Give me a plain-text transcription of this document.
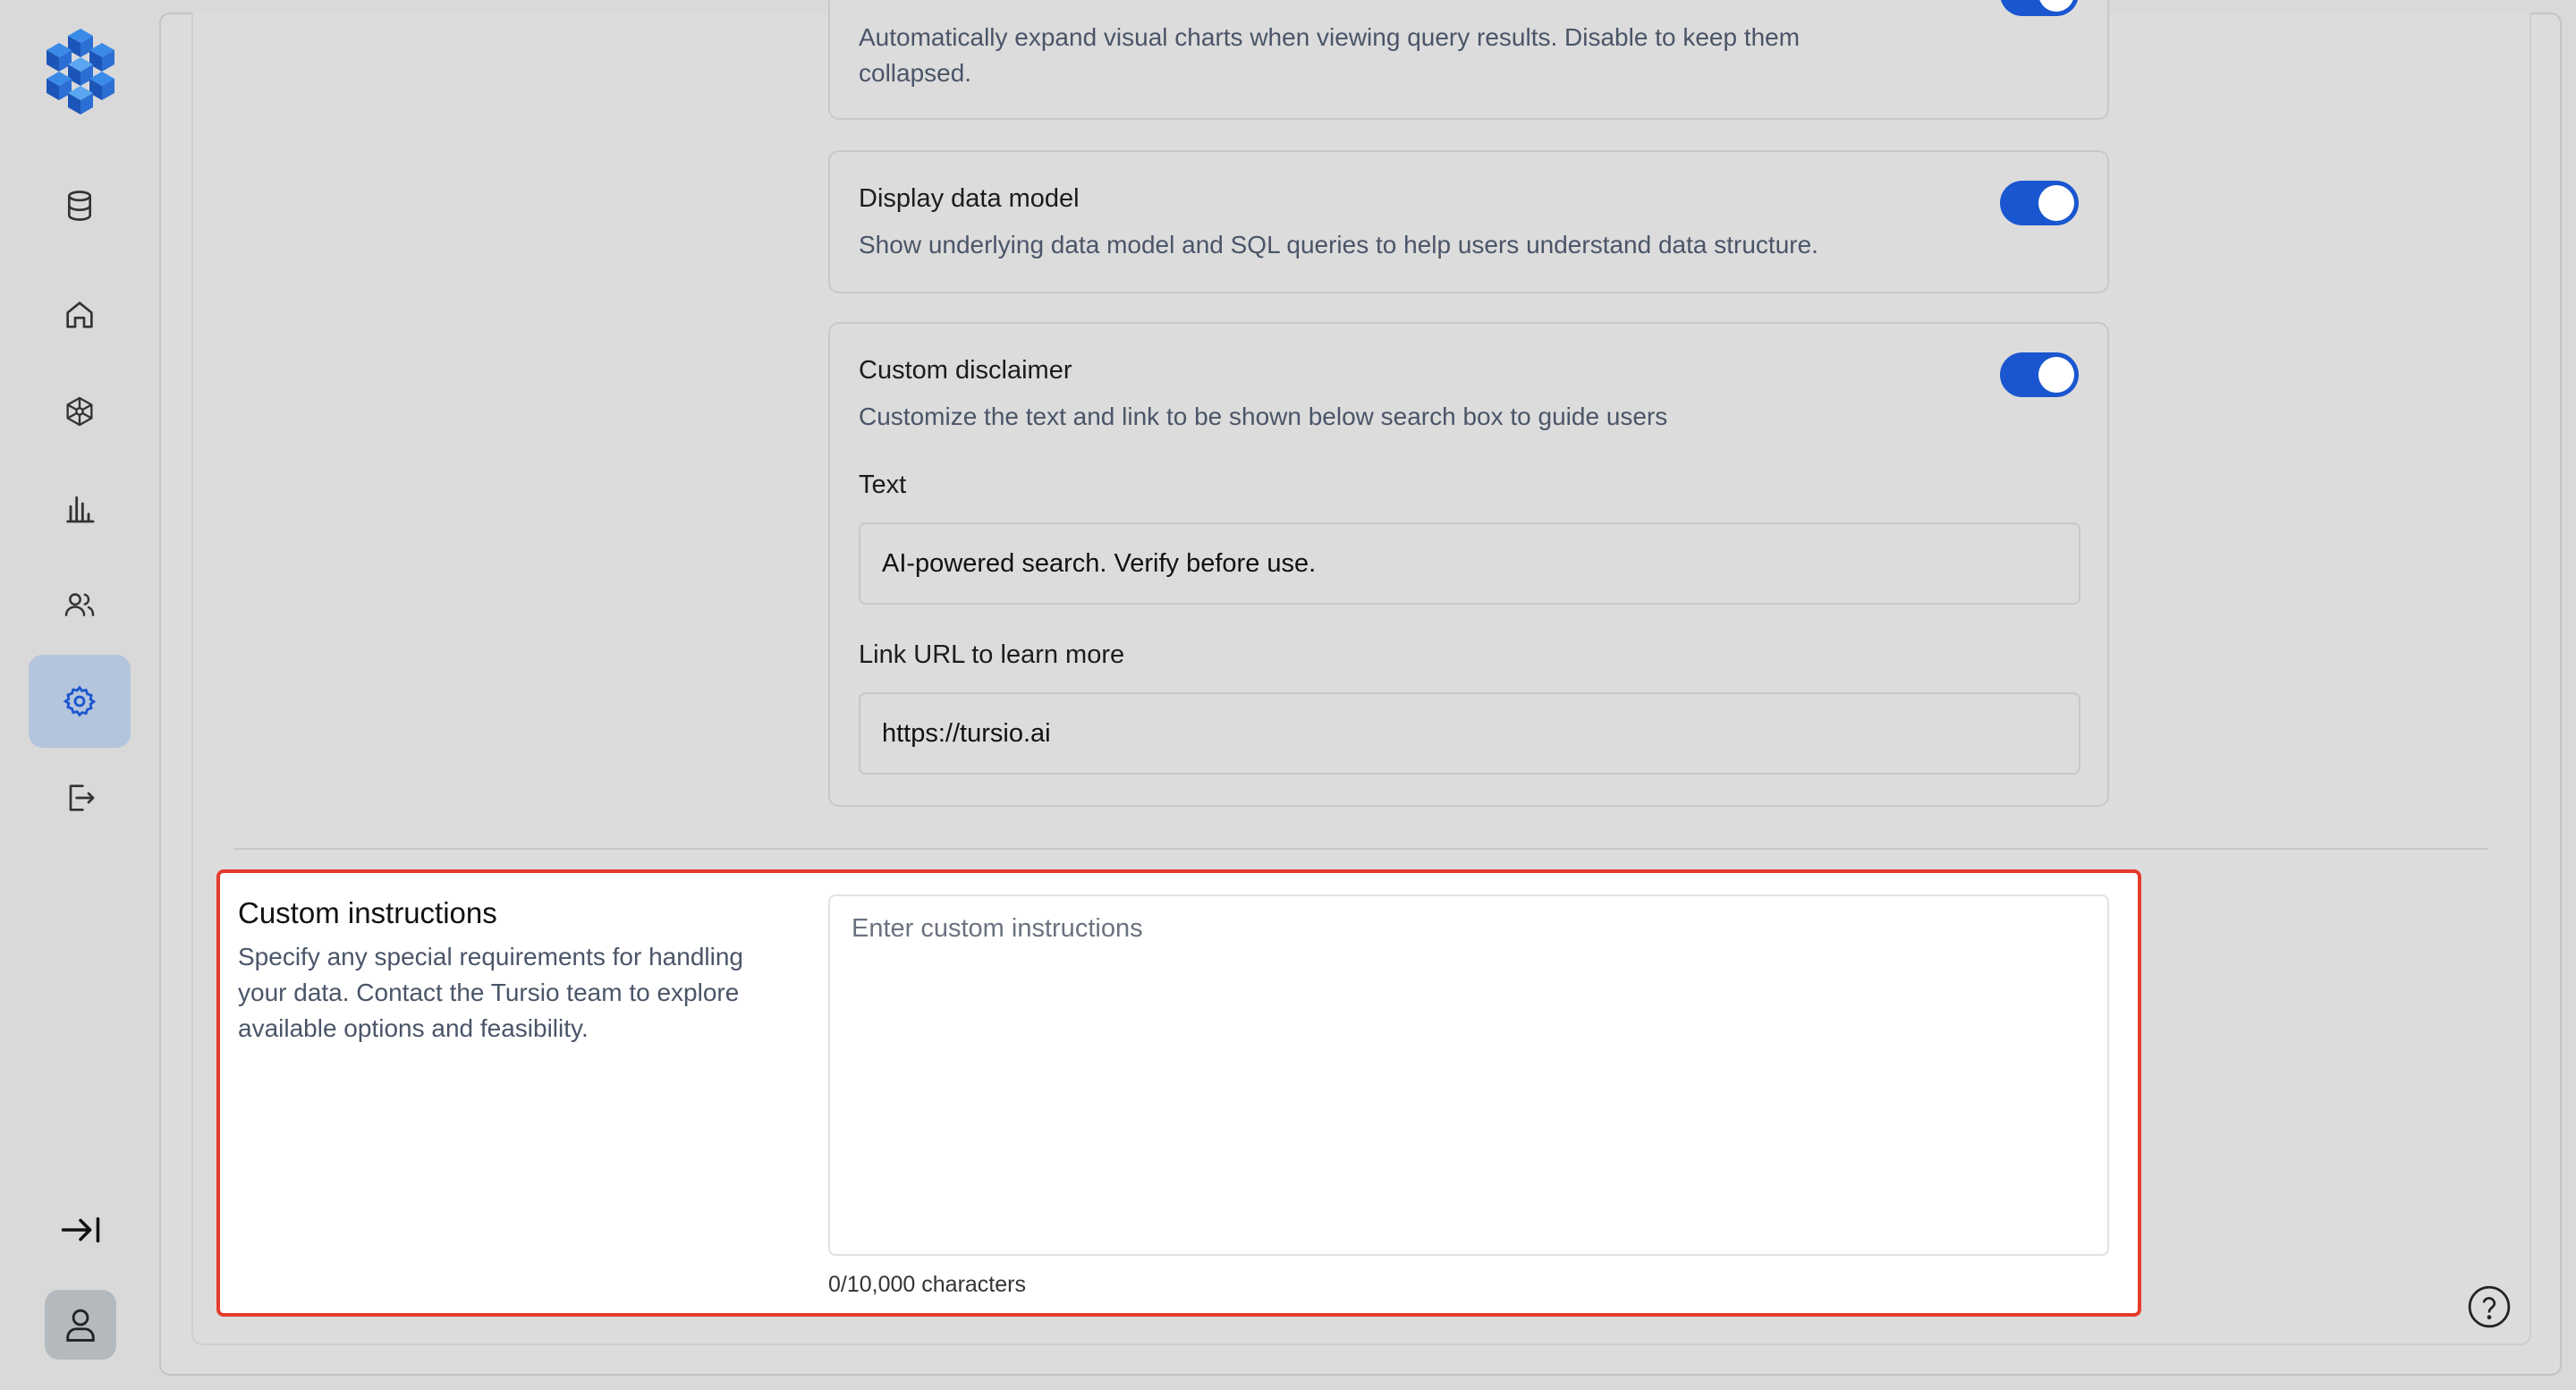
Automatically expand visual charts when viewing query results. Disable to keep them collapsed.
Display data model
Show underlying data model and SQL queries to help users understand data structure.
Custom disclaimer
Customize the text and link to be shown below search box to guide users
Text
AI-powered search. Verify before use.
Link URL to learn more
https://tursio.ai
Custom instructions
Specify any special requirements for handling your data. Contact the Tursio team to explore available options and feasibility.
Enter custom instructions
0/10,000 characters
